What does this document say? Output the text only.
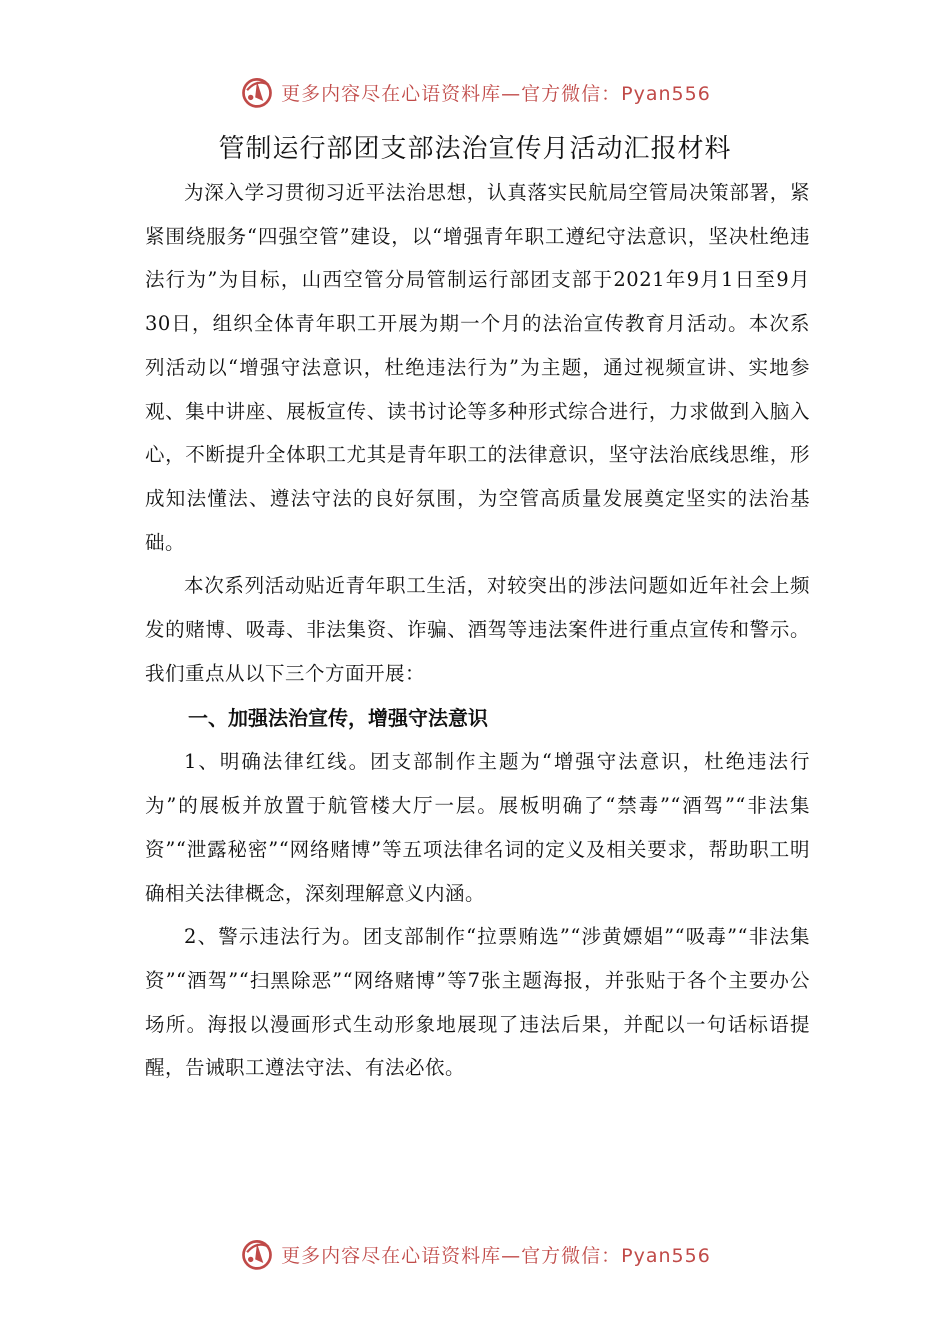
更多内容尽在心语资料库—官方微信：Pyan556
管制运行部团支部法治宣传月活动汇报材料

为深入学习贯彻习近平法治思想，认真落实民航局空管局决策部署，紧紧围绕服务“四强空管”建设，以“增强青年职工遵纪守法意识，坚决杜绝违法行为”为目标，山西空管分局管制运行部团支部于2021年9月1日至9月30日，组织全体青年职工开展为期一个月的法治宣传教育月活动。本次系列活动以“增强守法意识，杜绝违法行为”为主题，通过视频宣讲、实地参观、集中讲座、展板宣传、读书讨论等多种形式综合进行，力求做到入脑入心，不断提升全体职工尤其是青年职工的法律意识，坚守法治底线思维，形成知法懂法、遵法守法的良好氛围，为空管高质量发展奠定坚实的法治基础。

本次系列活动贴近青年职工生活，对较突出的涉法问题如近年社会上频发的赌博、吸毒、非法集资、诈骗、酒驾等违法案件进行重点宣传和警示。我们重点从以下三个方面开展：

一、加强法治宣传，增强守法意识

1、明确法律红线。团支部制作主题为“增强守法意识，杜绝违法行为”的展板并放置于航管楼大厅一层。展板明确了“禁毒”“酒驾”“非法集资”“泄露秘密”“网络赌博”等五项法律名词的定义及相关要求，帮助职工明确相关法律概念，深刻理解意义内涵。

2、警示违法行为。团支部制作“拉票贿选”“涉黄嫖娼”“吸毒”“非法集资”“酒驾”“扫黑除恶”“网络赌博”等7张主题海报，并张贴于各个主要办公场所。海报以漫画形式生动形象地展现了违法后果，并配以一句话标语提醒，告诫职工遵法守法、有法必依。

更多内容尽在心语资料库—官方微信：Pyan556
